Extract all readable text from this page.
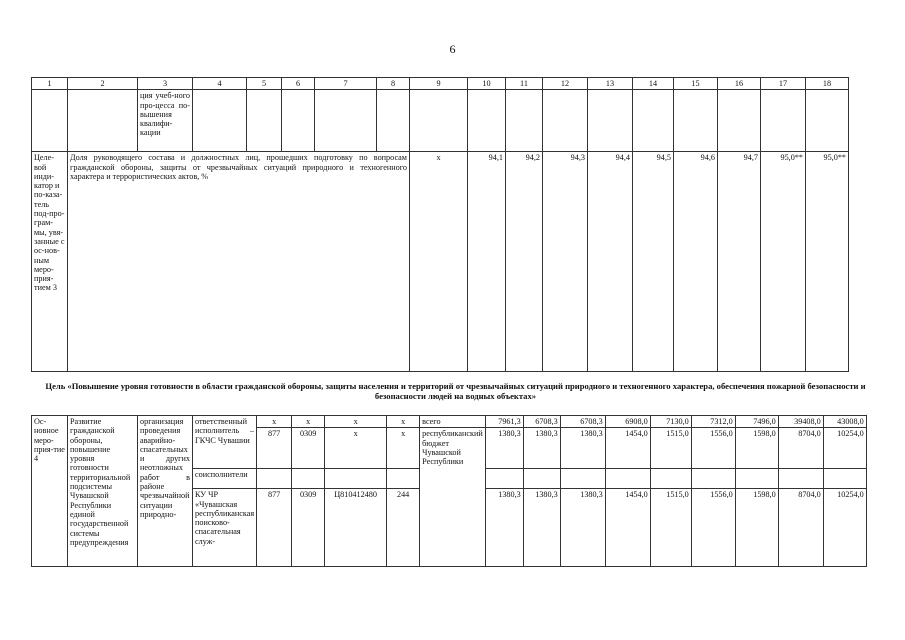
6
1	2	3	4	5	6	7	8	9	10	11	12	13	14	15	16	17	18
		ция учеб-ного про-цесса по-вышения квалифи-кации															
Целе-вой инди-катор и по-каза-тель под-про-грам-мы, увя-занные с ос-нов-ным меро-прия-тием 3	Доля руководящего состава и должностных лиц, прошедших подготовку по вопросам гражданской обороны, защиты от чрезвычайных ситуаций природного и техногенного характера и террористических актов, %							х	94,1	94,2	94,3	94,4	94,5	94,6	94,7	95,0**	95,0**
Цель «Повышение уровня готовности в области гражданской обороны, защиты населения и территорий от чрезвычайных ситуаций природного и техногенного характера, обеспечения пожарной безопасности и безопасности людей на водных объектах»
Ос-новное меро-прия-тие 4	Развитие гражданской обороны, повышение уровня готовности территориальной подсистемы Чувашской Республики единой государственной системы предупреждения	организация проведения аварийно-спасательных и других неотложных работ в районе чрезвычайной ситуации природно-	ответственный исполнитель – ГКЧС Чувашии	х	х	х	х	всего	7961,3	6708,3	6708,3	6908,0	7130,0	7312,0	7496,0	39408,0	43008,0
				877	0309	х	х	республиканский бюджет Чувашской Республики	1380,3	1380,3	1380,3	1454,0	1515,0	1556,0	1598,0	8704,0	10254,0
			соисполнители														
			КУ ЧР «Чувашская республиканская поисково-спасательная служ-	877	0309	Ц810412480	244		1380,3	1380,3	1380,3	1454,0	1515,0	1556,0	1598,0	8704,0	10254,0
